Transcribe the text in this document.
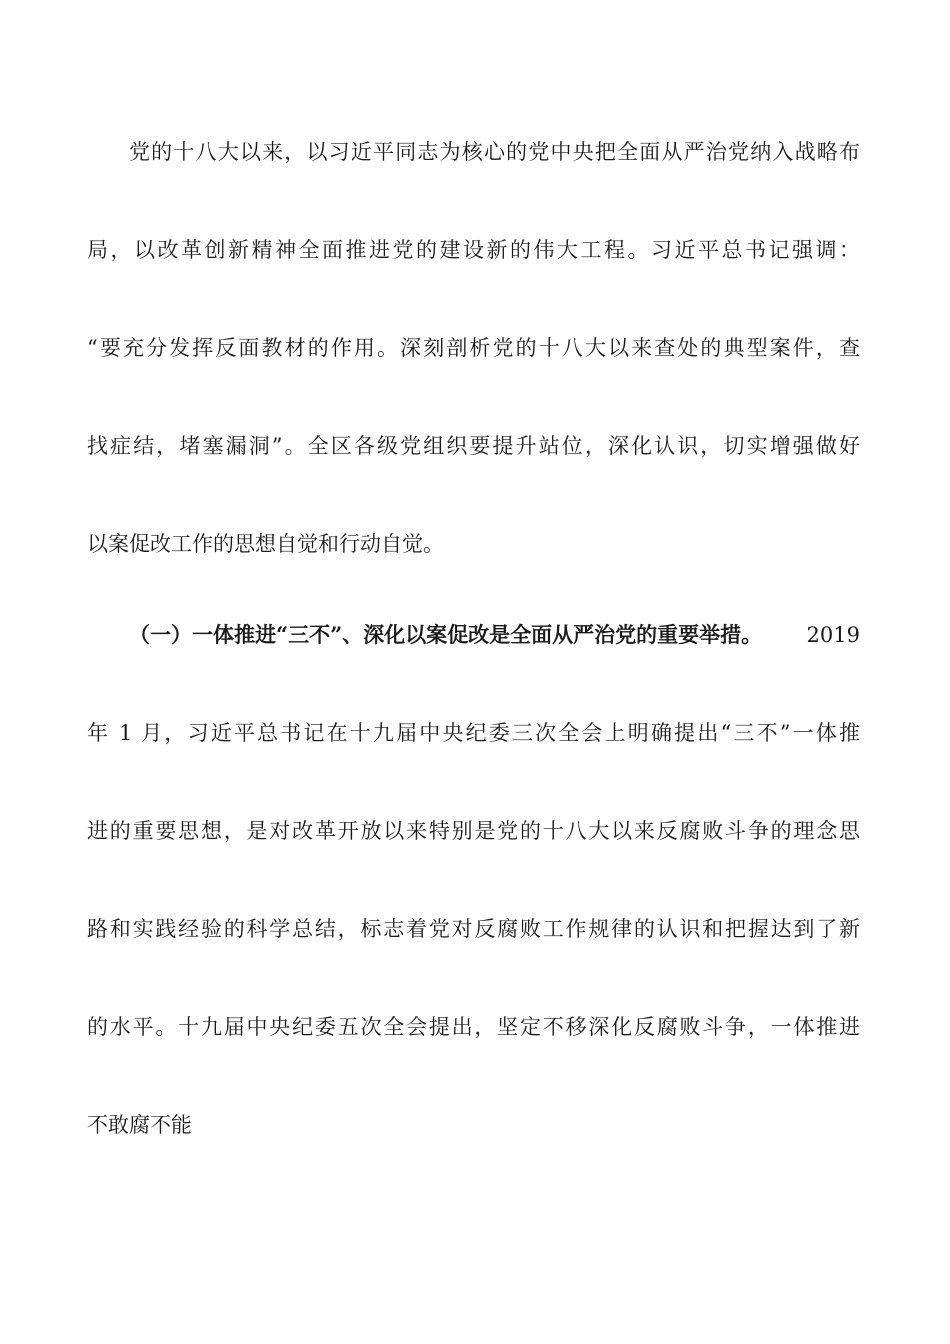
党的十八大以来，以习近平同志为核心的党中央把全面从严治党纳入战略布

局，以改革创新精神全面推进党的建设新的伟大工程。习近平总书记强调：

“要充分发挥反面教材的作用。深刻剖析党的十八大以来查处的典型案件，查

找症结，堵塞漏洞”。全区各级党组织要提升站位，深化认识，切实增强做好

以案促改工作的思想自觉和行动自觉。

（一）一体推进“三不”、深化以案促改是全面从严治党的重要举措。 2019

年 1 月，习近平总书记在十九届中央纪委三次全会上明确提出“三不”一体推

进的重要思想，是对改革开放以来特别是党的十八大以来反腐败斗争的理念思

路和实践经验的科学总结，标志着党对反腐败工作规律的认识和把握达到了新

的水平。十九届中央纪委五次全会提出，坚定不移深化反腐败斗争，一体推进

不敢腐不能
